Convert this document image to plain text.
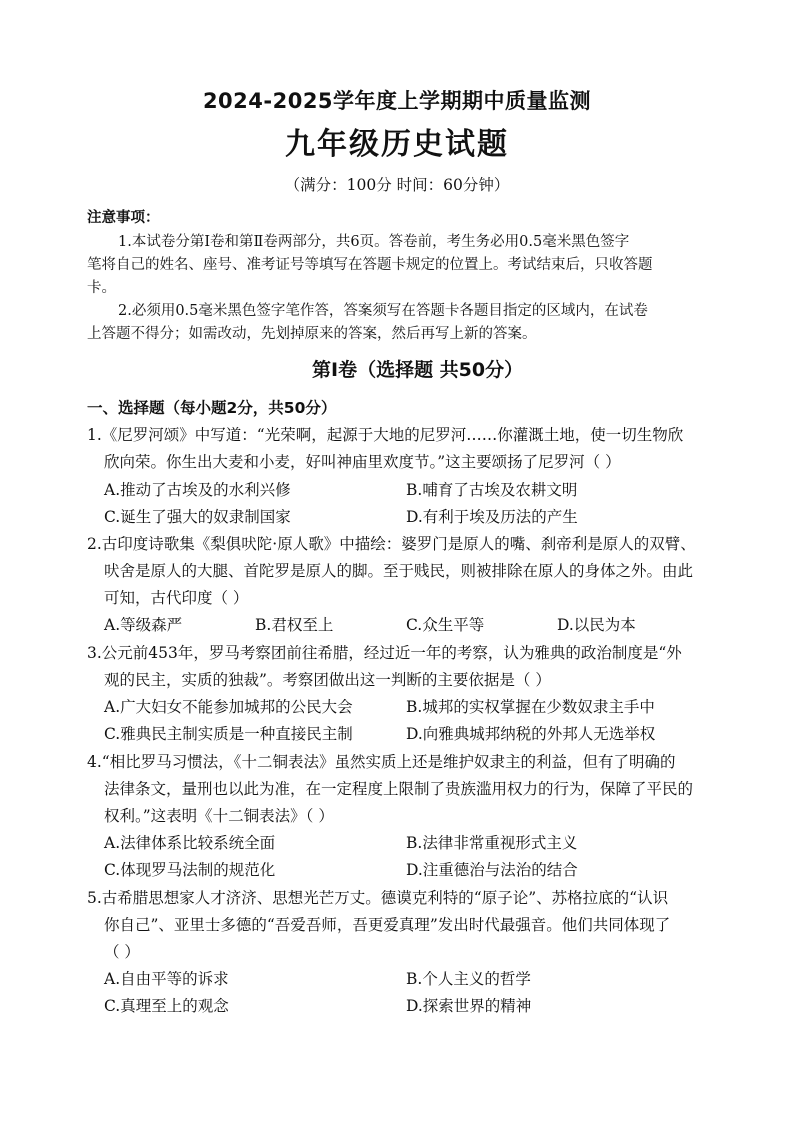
2024-2025学年度上学期期中质量监测
九年级历史试题
（满分：100分 时间：60分钟）
注意事项：
1.本试卷分第Ⅰ卷和第Ⅱ卷两部分，共6页。答卷前，考生务必用0.5毫米黑色签字
笔将自己的姓名、座号、准考证号等填写在答题卡规定的位置上。考试结束后，只收答题
卡。
2.必须用0.5毫米黑色签字笔作答，答案须写在答题卡各题目指定的区域内，在试卷
上答题不得分；如需改动，先划掉原来的答案，然后再写上新的答案。
第Ⅰ卷（选择题 共50分）
一、选择题（每小题2分，共50分）
1.《尼罗河颂》中写道：“光荣啊，起源于大地的尼罗河……你灌溉土地，使一切生物欣
欣向荣。你生出大麦和小麦，好叫神庙里欢度节。”这主要颂扬了尼罗河（ ）
A.推动了古埃及的水利兴修	B.哺育了古埃及农耕文明
C.诞生了强大的奴隶制国家	D.有利于埃及历法的产生
2.古印度诗歌集《梨俱吠陀·原人歌》中描绘：婆罗门是原人的嘴、刹帝利是原人的双臂、
吠舍是原人的大腿、首陀罗是原人的脚。至于贱民，则被排除在原人的身体之外。由此
可知，古代印度（ ）
A.等级森严	B.君权至上	C.众生平等	D.以民为本
3.公元前453年，罗马考察团前往希腊，经过近一年的考察，认为雅典的政治制度是“外
观的民主，实质的独裁”。考察团做出这一判断的主要依据是（ ）
A.广大妇女不能参加城邦的公民大会	B.城邦的实权掌握在少数奴隶主手中
C.雅典民主制实质是一种直接民主制	D.向雅典城邦纳税的外邦人无选举权
4.“相比罗马习惯法，《十二铜表法》虽然实质上还是维护奴隶主的利益，但有了明确的
法律条文，量刑也以此为准，在一定程度上限制了贵族滥用权力的行为，保障了平民的
权利。”这表明《十二铜表法》（ ）
A.法律体系比较系统全面	B.法律非常重视形式主义
C.体现罗马法制的规范化	D.注重德治与法治的结合
5.古希腊思想家人才济济、思想光芒万丈。德谟克利特的“原子论”、苏格拉底的“认识
你自己”、亚里士多德的“吾爱吾师，吾更爱真理”发出时代最强音。他们共同体现了
（ ）
A.自由平等的诉求	B.个人主义的哲学
C.真理至上的观念	D.探索世界的精神
